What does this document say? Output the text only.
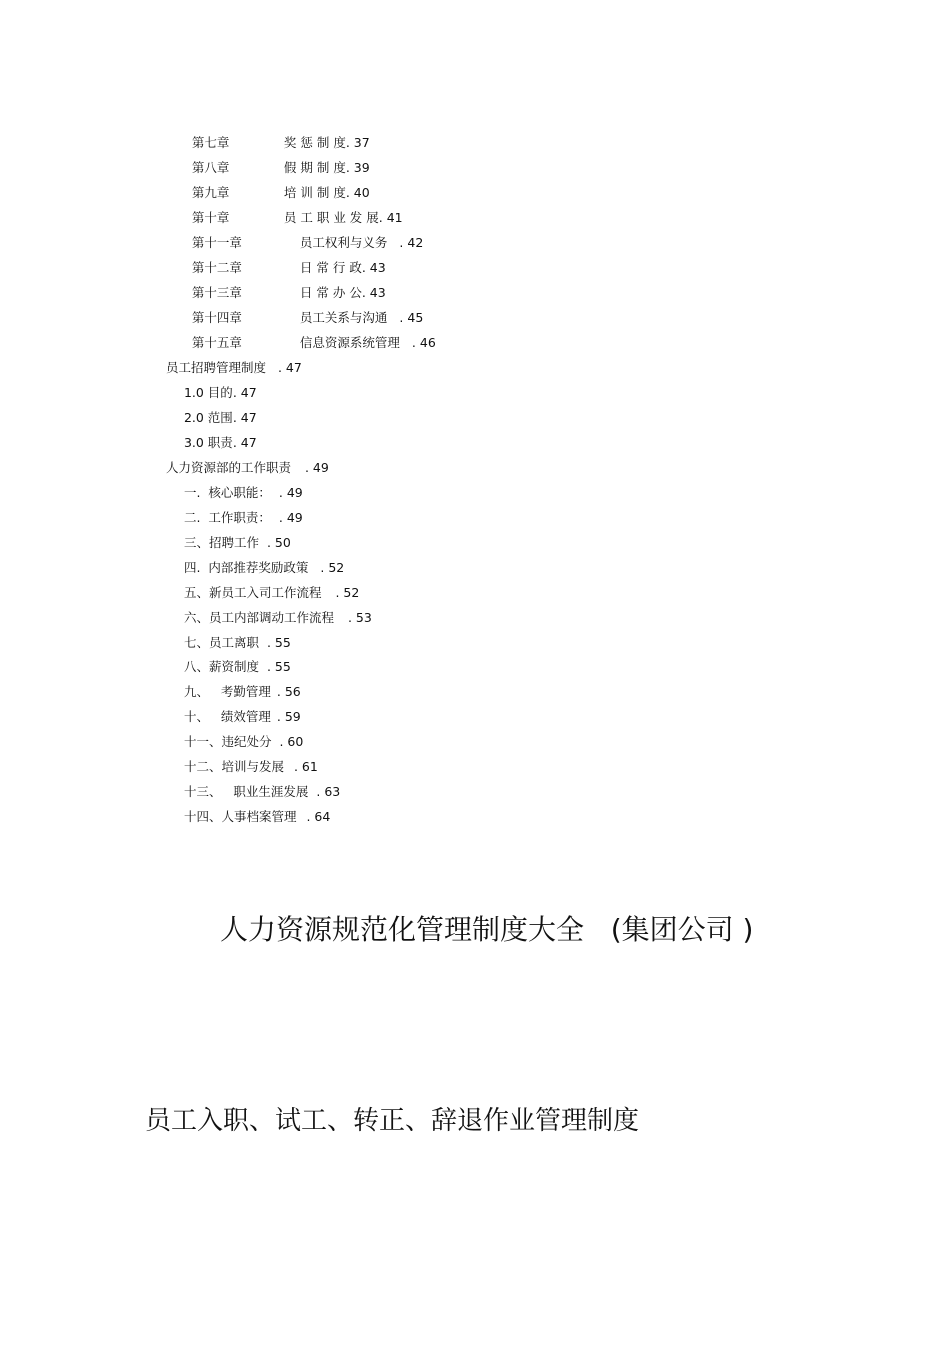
第七章	奖 惩 制 度. 37

第八章	假 期 制 度. 39

第九章	培 训 制 度. 40

第十章	员 工 职 业 发 展. 41

第十一章	员工权利与义务 . 42

第十二章	日 常 行 政. 43

第十三章	日 常 办 公. 43

第十四章	员工关系与沟通 . 45

第十五章	信息资源系统管理 . 46

员工招聘管理制度 . 47

1.0 目的. 47

2.0 范围. 47

3.0 职责. 47

人力资源部的工作职责 . 49

一.  核心职能： . 49

二.  工作职责： . 49

三、招聘工作 . 50

四.  内部推荐奖励政策 . 52

五、新员工入司工作流程 . 52

六、员工内部调动工作流程 . 53

七、员工离职 . 55

八、薪资制度 . 55

九、   考勤管理 . 56

十、   绩效管理 . 59

十一、违纪处分 . 60

十二、培训与发展 . 61

十三、   职业生涯发展 . 63

十四、人事档案管理 . 64

人力资源规范化管理制度大全   (集团公司 )
员工入职、试工、转正、辞退作业管理制度
